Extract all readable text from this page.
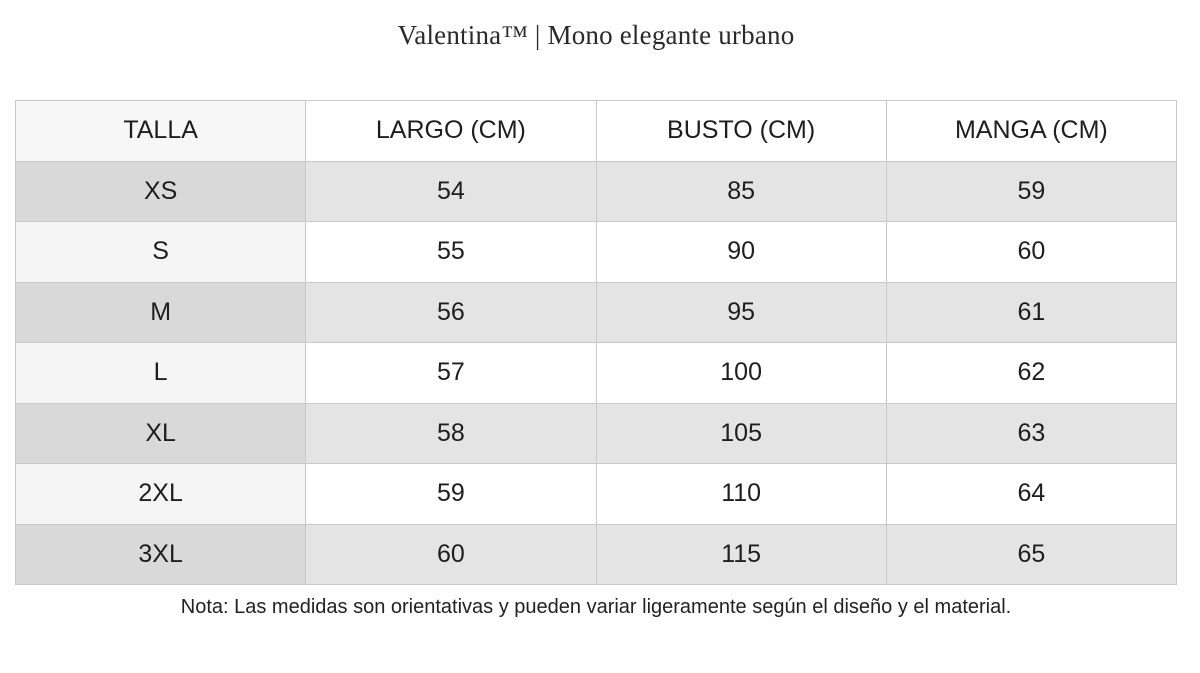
Valentina™ | Mono elegante urbano
TALLA	LARGO (CM)	BUSTO (CM)	MANGA (CM)
XS	54	85	59
S	55	90	60
M	56	95	61
L	57	100	62
XL	58	105	63
2XL	59	110	64
3XL	60	115	65
Nota: Las medidas son orientativas y pueden variar ligeramente según el diseño y el material.
